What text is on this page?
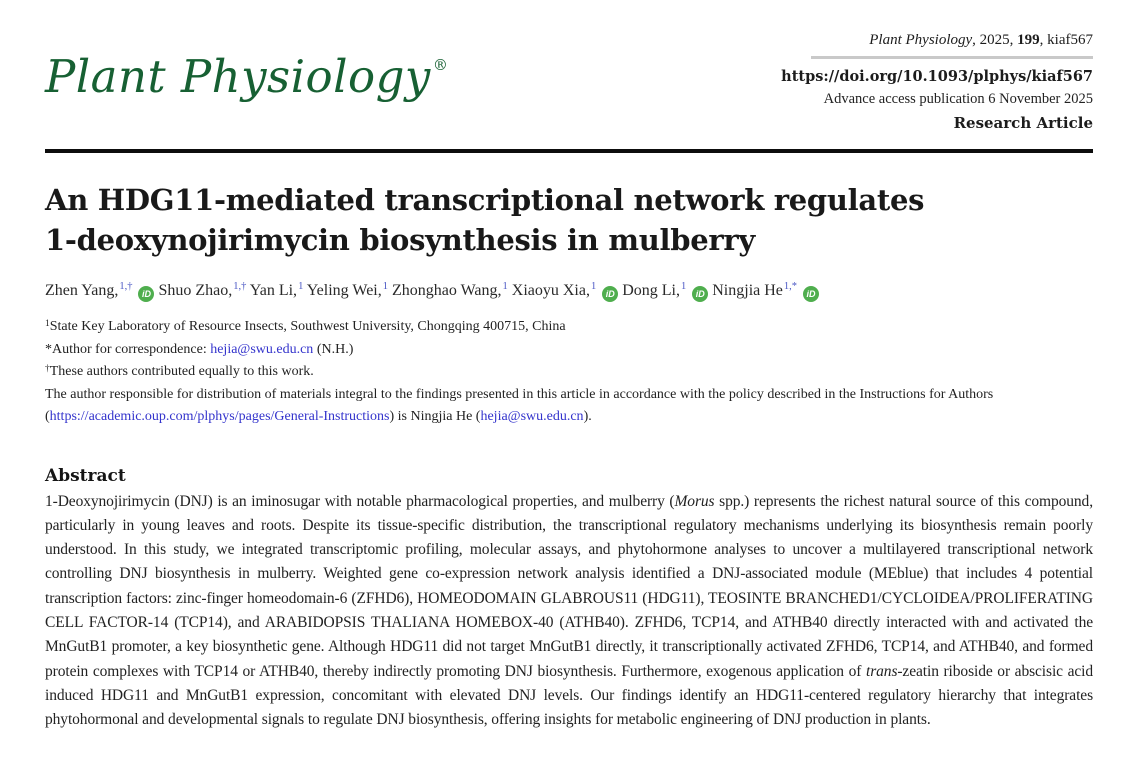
Plant Physiology ®
Plant Physiology, 2025, 199, kiaf567
https://doi.org/10.1093/plphys/kiaf567
Advance access publication 6 November 2025
Research Article
An HDG11-mediated transcriptional network regulates
1-deoxynojirimycin biosynthesis in mulberry
Zhen Yang,$^{1,\dagger}$ iD Shuo Zhao,$^{1,\dagger}$ Yan Li,$^1$ Yeling Wei,$^1$ Zhonghao Wang,$^1$ Xiaoyu Xia,$^1$ iD Dong Li,$^1$ iD Ningjia $He^{1,*}$ iD
$^1$State Key Laboratory of Resource Insects, Southwest University, Chongqing 400715, China
*Author for correspondence: hejia@swu.edu.cn (N.H.)
†These authors contributed equally to this work.
The author responsible for distribution of materials integral to the findings presented in this article in accordance with the policy described in the Instructions for Authors (https://academic.oup.com/plphys/pages/General-Instructions) is Ningjia He (hejia@swu.edu.cn).
Abstract
1-Deoxynojirimycin (DNJ) is an iminosugar with notable pharmacological properties, and mulberry (Morus spp.) represents the richest natural source of this compound, particularly in young leaves and roots. Despite its tissue-specific distribution, the transcriptional regulatory mechanisms underlying its biosynthesis remain poorly understood. In this study, we integrated transcriptomic profiling, molecular assays, and phytohormone analyses to uncover a multilayered transcriptional network controlling DNJ biosynthesis in mulberry. Weighted gene co-expression network analysis identified a DNJ-associated module (MEblue) that includes 4 potential transcription factors: zinc-finger homeodomain-6 (ZFHD6), HOMEODOMAIN GLABROUS11 (HDG11), TEOSINTE BRANCHED1/CYCLOIDEA/PROLIFERATING CELL FACTOR-14 (TCP14), and ARABIDOPSIS THALIANA HOMEBOX-40 (ATHB40). ZFHD6, TCP14, and ATHB40 directly interacted with and activated the MnGutB1 promoter, a key biosynthetic gene. Although HDG11 did not target MnGutB1 directly, it transcriptionally activated ZFHD6, TCP14, and ATHB40, and formed protein complexes with TCP14 or ATHB40, thereby indirectly promoting DNJ biosynthesis. Furthermore, exogenous application of trans-zeatin riboside or abscisic acid induced HDG11 and MnGutB1 expression, concomitant with elevated DNJ levels. Our findings identify an HDG11-centered regulatory hierarchy that integrates phytohormonal and developmental signals to regulate DNJ biosynthesis, offering insights for metabolic engineering of DNJ production in plants.
